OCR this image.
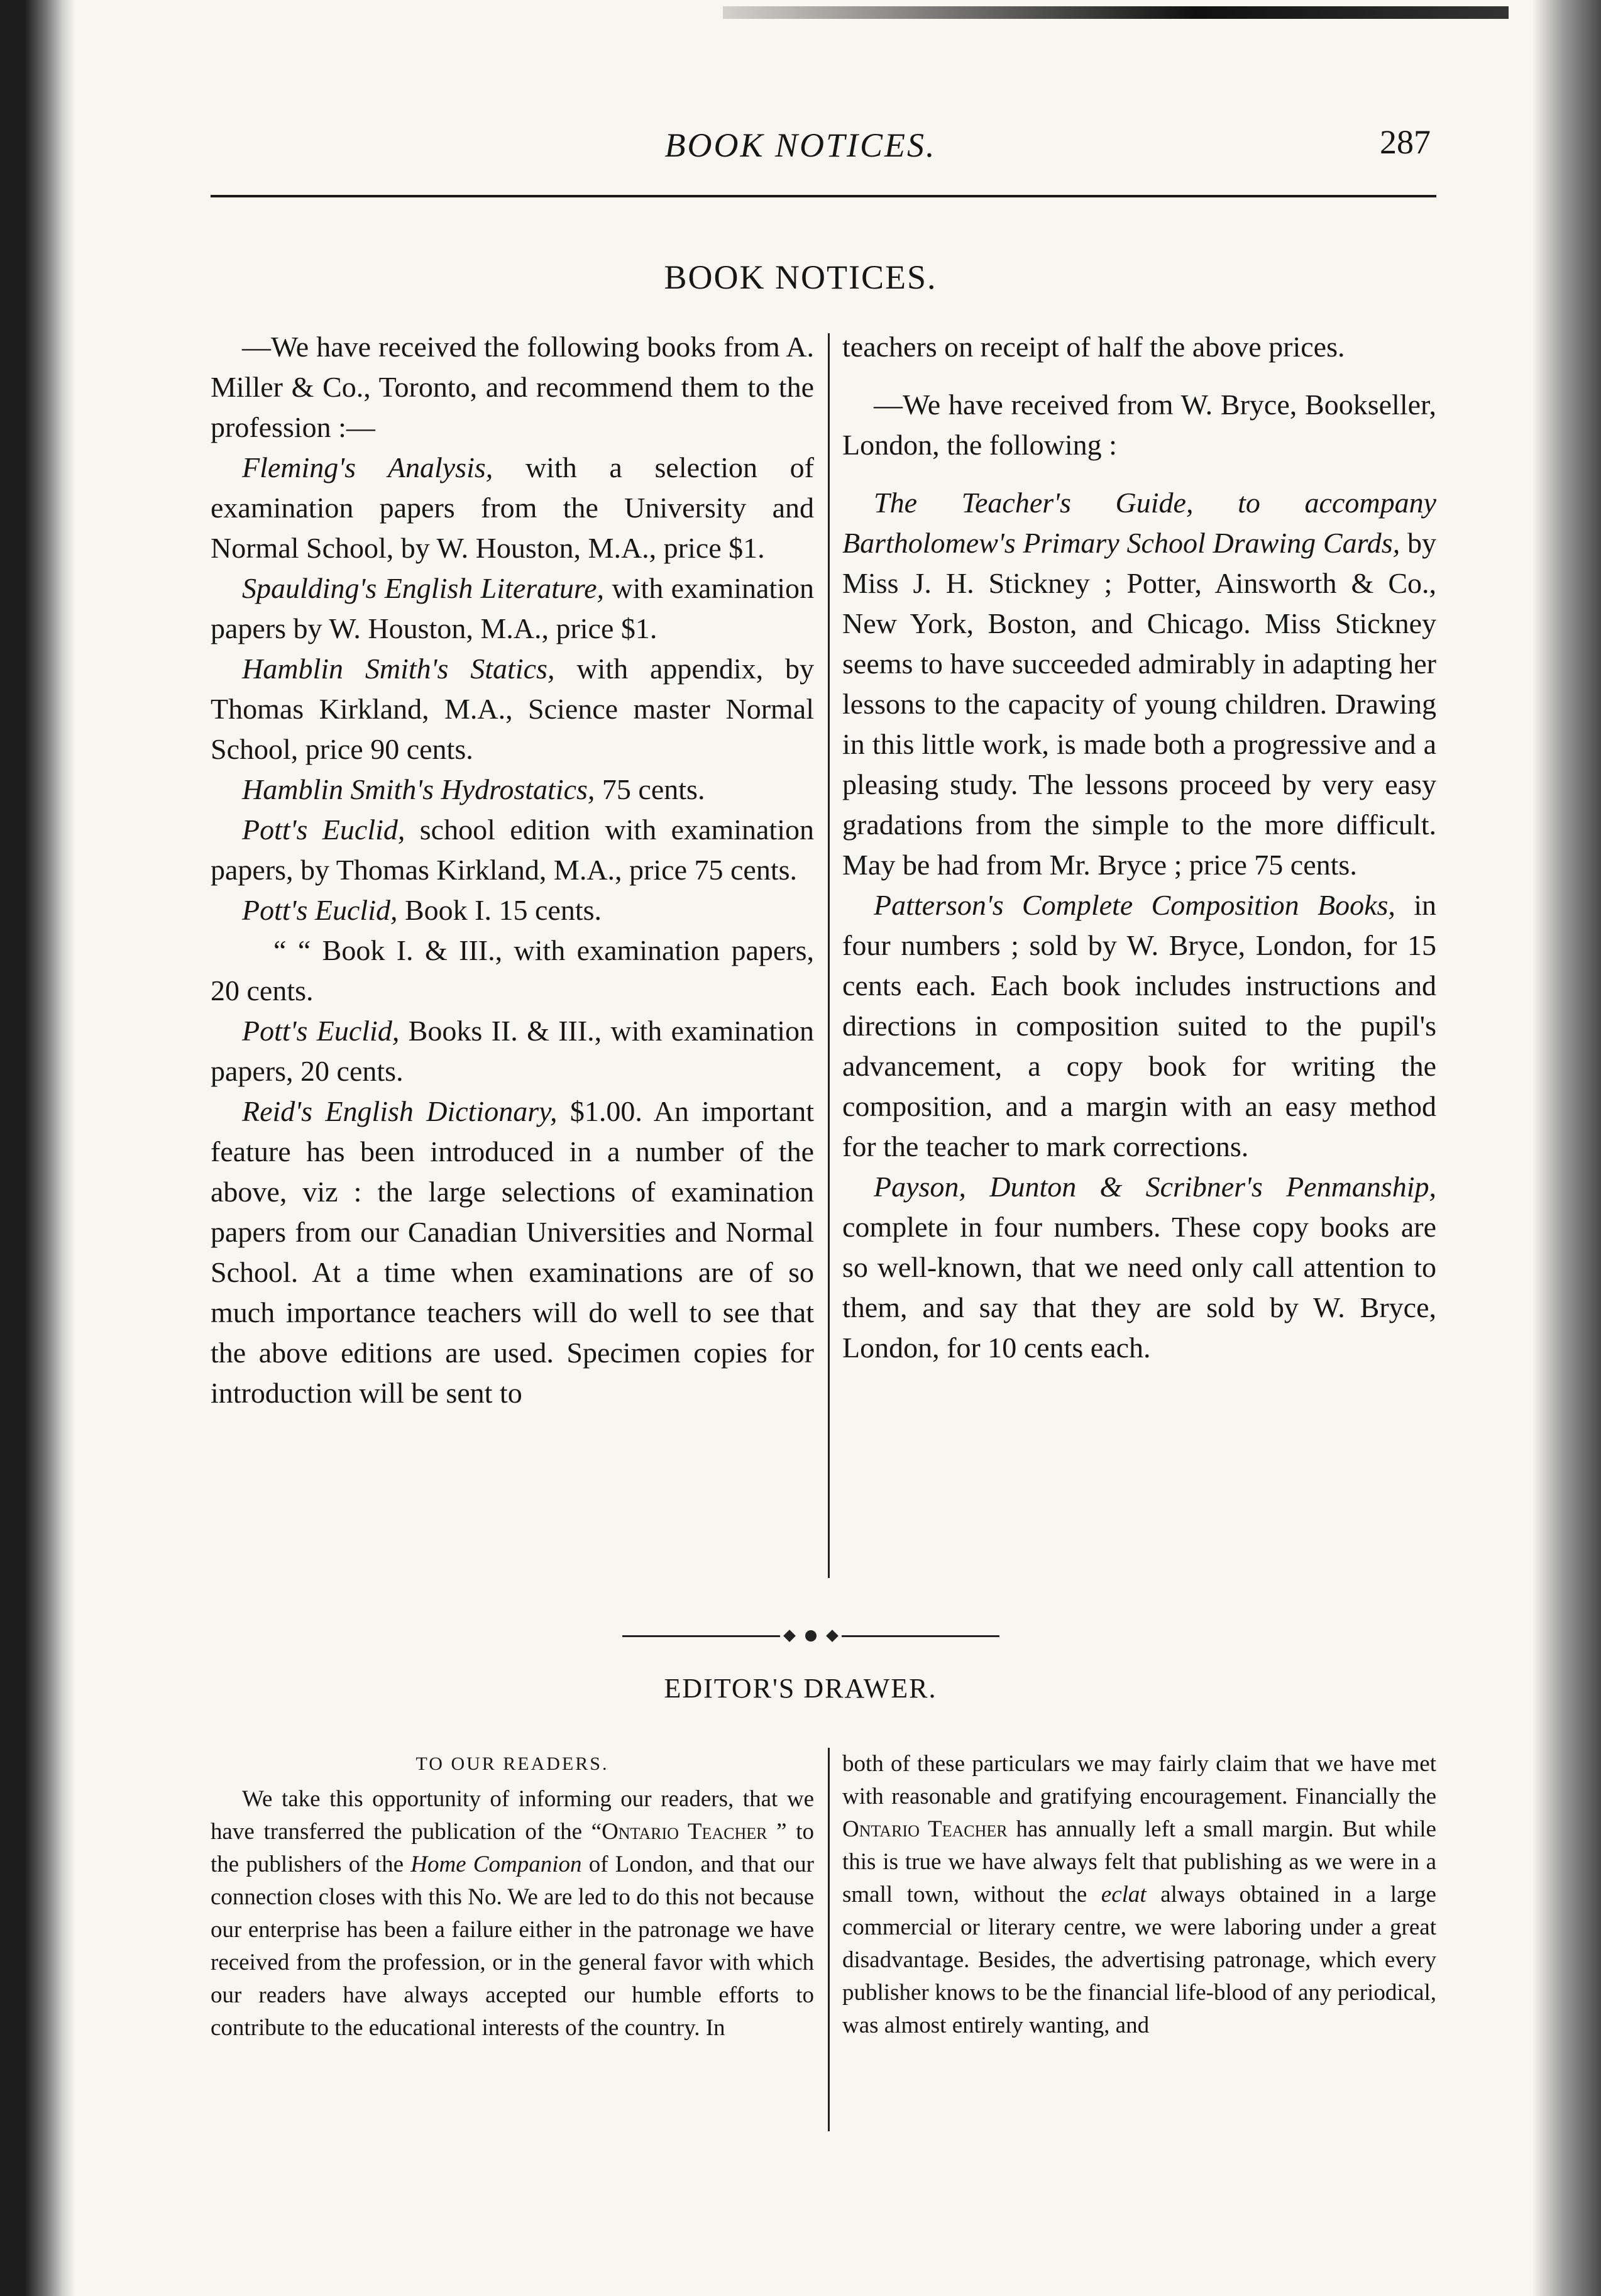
BOOK NOTICES.	287
BOOK NOTICES.

—We have received the following books from A. Miller & Co., Toronto, and recommend them to the profession :—

Fleming's Analysis, with a selection of examination papers from the University and Normal School, by W. Houston, M.A., price $1.

Spaulding's English Literature, with examination papers by W. Houston, M.A., price $1.

Hamblin Smith's Statics, with appendix, by Thomas Kirkland, M.A., Science master Normal School, price 90 cents.

Hamblin Smith's Hydrostatics, 75 cents.

Pott's Euclid, school edition with examination papers, by Thomas Kirkland, M.A., price 75 cents.

Pott's Euclid, Book I. 15 cents.

“ “ Book I. & III., with examination papers, 20 cents.

Pott's Euclid, Books II. & III., with examination papers, 20 cents.

Reid's English Dictionary, $1.00. An important feature has been introduced in a number of the above, viz : the large selections of examination papers from our Canadian Universities and Normal School. At a time when examinations are of so much importance teachers will do well to see that the above editions are used. Specimen copies for introduction will be sent to

teachers on receipt of half the above prices.

—We have received from W. Bryce, Bookseller, London, the following :

The Teacher's Guide, to accompany Bartholomew's Primary School Drawing Cards, by Miss J. H. Stickney ; Potter, Ainsworth & Co., New York, Boston, and Chicago. Miss Stickney seems to have succeeded admirably in adapting her lessons to the capacity of young children. Drawing in this little work, is made both a progressive and a pleasing study. The lessons proceed by very easy gradations from the simple to the more difficult. May be had from Mr. Bryce ; price 75 cents.

Patterson's Complete Composition Books, in four numbers ; sold by W. Bryce, London, for 15 cents each. Each book includes instructions and directions in composition suited to the pupil's advancement, a copy book for writing the composition, and a margin with an easy method for the teacher to mark corrections.

Payson, Dunton & Scribner's Penmanship, complete in four numbers. These copy books are so well-known, that we need only call attention to them, and say that they are sold by W. Bryce, London, for 10 cents each.

EDITOR'S DRAWER.
TO OUR READERS.

We take this opportunity of informing our readers, that we have transferred the publication of the “Ontario Teacher ” to the publishers of the Home Companion of London, and that our connection closes with this No. We are led to do this not because our enterprise has been a failure either in the patronage we have received from the profession, or in the general favor with which our readers have always accepted our humble efforts to contribute to the educational interests of the country. In

both of these particulars we may fairly claim that we have met with reasonable and gratifying encouragement. Financially the Ontario Teacher has annually left a small margin. But while this is true we have always felt that publishing as we were in a small town, without the eclat always obtained in a large commercial or literary centre, we were laboring under a great disadvantage. Besides, the advertising patronage, which every publisher knows to be the financial life-blood of any periodical, was almost entirely wanting, and
